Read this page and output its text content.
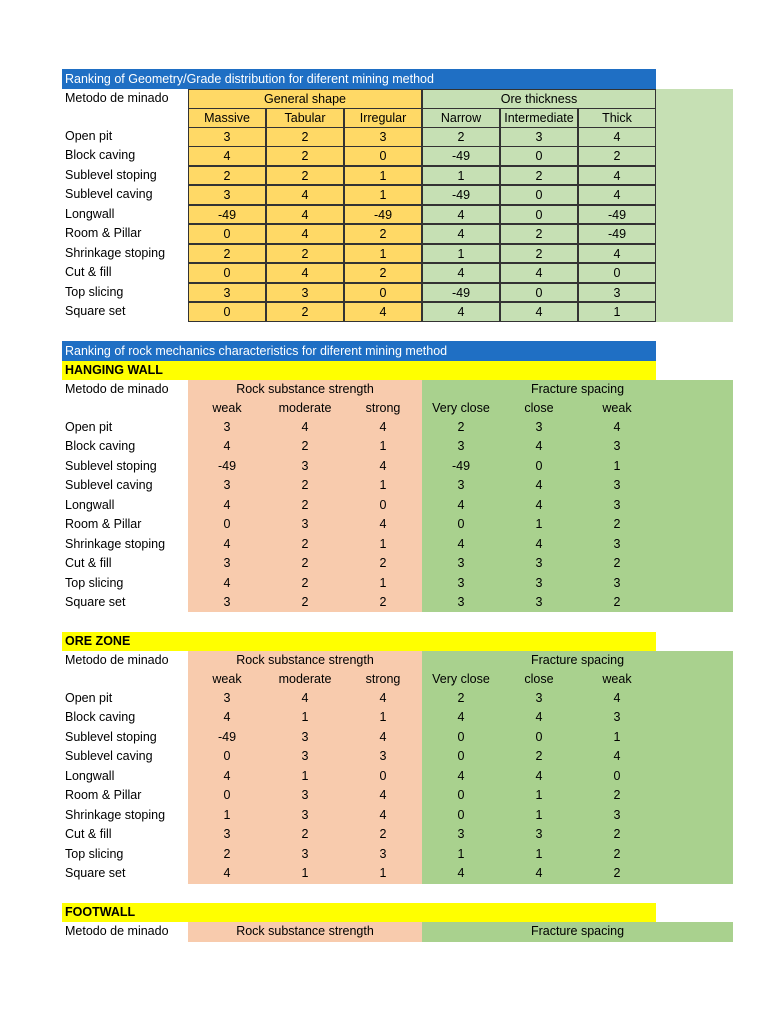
Ranking of Geometry/Grade distribution for diferent mining method
Metodo de minado	General shape	Ore thickness
Massive	Tabular	Irregular	Narrow	Intermediate	Thick
Open pit	3	2	3	2	3	4
Block caving	4	2	0	-49	0	2
Sublevel stoping	2	2	1	1	2	4
Sublevel caving	3	4	1	-49	0	4
Longwall	-49	4	-49	4	0	-49
Room & Pillar	0	4	2	4	2	-49
Shrinkage stoping	2	2	1	1	2	4
Cut & fill	0	4	2	4	4	0
Top slicing	3	3	0	-49	0	3
Square set	0	2	4	4	4	1
Ranking of rock mechanics characteristics for diferent mining method
HANGING WALL
Metodo de minado	Rock substance strength	Fracture spacing
weak	moderate	strong	Very close	close	weak
Open pit	3	4	4	2	3	4
Block caving	4	2	1	3	4	3
Sublevel stoping	-49	3	4	-49	0	1
Sublevel caving	3	2	1	3	4	3
Longwall	4	2	0	4	4	3
Room & Pillar	0	3	4	0	1	2
Shrinkage stoping	4	2	1	4	4	3
Cut & fill	3	2	2	3	3	2
Top slicing	4	2	1	3	3	3
Square set	3	2	2	3	3	2
ORE ZONE
Metodo de minado	Rock substance strength	Fracture spacing
weak	moderate	strong	Very close	close	weak
Open pit	3	4	4	2	3	4
Block caving	4	1	1	4	4	3
Sublevel stoping	-49	3	4	0	0	1
Sublevel caving	0	3	3	0	2	4
Longwall	4	1	0	4	4	0
Room & Pillar	0	3	4	0	1	2
Shrinkage stoping	1	3	4	0	1	3
Cut & fill	3	2	2	3	3	2
Top slicing	2	3	3	1	1	2
Square set	4	1	1	4	4	2
FOOTWALL
Metodo de minado	Rock substance strength	Fracture spacing
